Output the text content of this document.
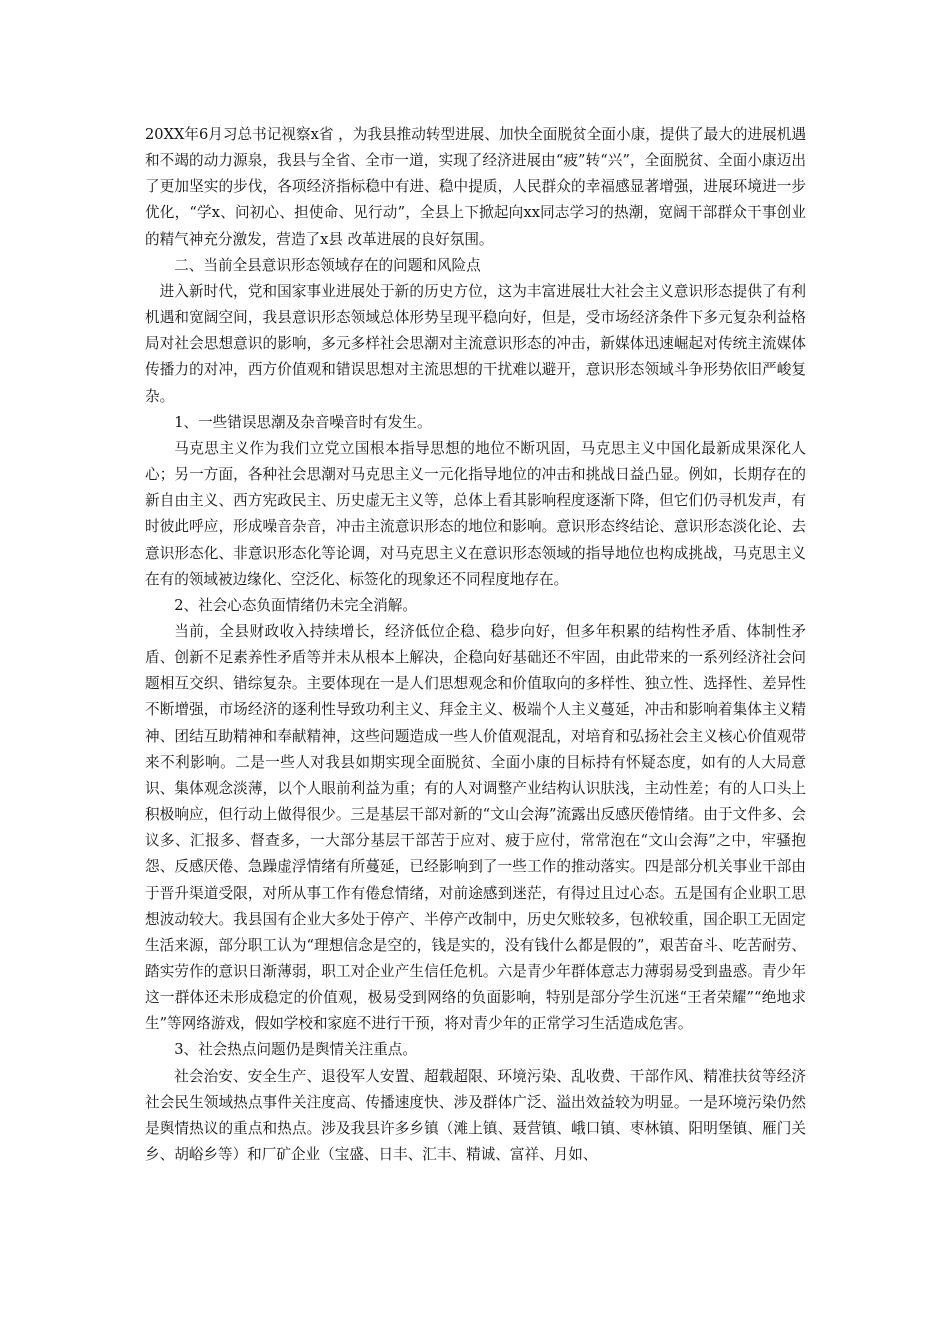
20XX年6月习总书记视察x省 ，为我县推动转型进展、加快全面脱贫全面小康，提供了最大的进展机遇和不竭的动力源泉，我县与全省、全市一道，实现了经济进展由“疲”转“兴”，全面脱贫、全面小康迈出了更加坚实的步伐，各项经济指标稳中有进、稳中提质，人民群众的幸福感显著增强，进展环境进一步优化，“学x、问初心、担使命、见行动”，全县上下掀起向xx同志学习的热潮，宽阔干部群众干事创业的精气神充分激发，营造了x县 改革进展的良好氛围。

二、当前全县意识形态领域存在的问题和风险点

进入新时代，党和国家事业进展处于新的历史方位，这为丰富进展壮大社会主义意识形态提供了有利机遇和宽阔空间，我县意识形态领域总体形势呈现平稳向好，但是，受市场经济条件下多元复杂利益格局对社会思想意识的影响，多元多样社会思潮对主流意识形态的冲击，新媒体迅速崛起对传统主流媒体传播力的对冲，西方价值观和错误思想对主流思想的干扰难以避开，意识形态领域斗争形势依旧严峻复杂。

1、一些错误思潮及杂音噪音时有发生。

马克思主义作为我们立党立国根本指导思想的地位不断巩固，马克思主义中国化最新成果深化人心；另一方面，各种社会思潮对马克思主义一元化指导地位的冲击和挑战日益凸显。例如，长期存在的新自由主义、西方宪政民主、历史虚无主义等，总体上看其影响程度逐渐下降，但它们仍寻机发声，有时彼此呼应，形成噪音杂音，冲击主流意识形态的地位和影响。意识形态终结论、意识形态淡化论、去意识形态化、非意识形态化等论调，对马克思主义在意识形态领域的指导地位也构成挑战，马克思主义在有的领域被边缘化、空泛化、标签化的现象还不同程度地存在。

2、社会心态负面情绪仍未完全消解。

当前，全县财政收入持续增长，经济低位企稳、稳步向好，但多年积累的结构性矛盾、体制性矛盾、创新不足素养性矛盾等并未从根本上解决，企稳向好基础还不牢固，由此带来的一系列经济社会问题相互交织、错综复杂。主要体现在一是人们思想观念和价值取向的多样性、独立性、选择性、差异性不断增强，市场经济的逐利性导致功利主义、拜金主义、极端个人主义蔓延，冲击和影响着集体主义精神、团结互助精神和奉献精神，这些问题造成一些人价值观混乱，对培育和弘扬社会主义核心价值观带来不利影响。二是一些人对我县如期实现全面脱贫、全面小康的目标持有怀疑态度，如有的人大局意识、集体观念淡薄，以个人眼前利益为重；有的人对调整产业结构认识肤浅，主动性差；有的人口头上积极响应，但行动上做得很少。三是基层干部对新的“文山会海”流露出反感厌倦情绪。由于文件多、会议多、汇报多、督查多，一大部分基层干部苦于应对、疲于应付，常常泡在“文山会海”之中，牢骚抱怨、反感厌倦、急躁虚浮情绪有所蔓延，已经影响到了一些工作的推动落实。四是部分机关事业干部由于晋升渠道受限，对所从事工作有倦怠情绪，对前途感到迷茫，有得过且过心态。五是国有企业职工思想波动较大。我县国有企业大多处于停产、半停产改制中，历史欠账较多，包袱较重，国企职工无固定生活来源，部分职工认为“理想信念是空的，钱是实的，没有钱什么都是假的”，艰苦奋斗、吃苦耐劳、踏实劳作的意识日渐薄弱，职工对企业产生信任危机。六是青少年群体意志力薄弱易受到蛊惑。青少年这一群体还未形成稳定的价值观，极易受到网络的负面影响，特别是部分学生沉迷“王者荣耀”“绝地求生”等网络游戏，假如学校和家庭不进行干预，将对青少年的正常学习生活造成危害。

3、社会热点问题仍是舆情关注重点。

社会治安、安全生产、退役军人安置、超载超限、环境污染、乱收费、干部作风、精准扶贫等经济社会民生领域热点事件关注度高、传播速度快、涉及群体广泛、溢出效益较为明显。一是环境污染仍然是舆情热议的重点和热点。涉及我县许多乡镇（滩上镇、聂营镇、峨口镇、枣林镇、阳明堡镇、雁门关乡、胡峪乡等）和厂矿企业（宝盛、日丰、汇丰、精诚、富祥、月如、
